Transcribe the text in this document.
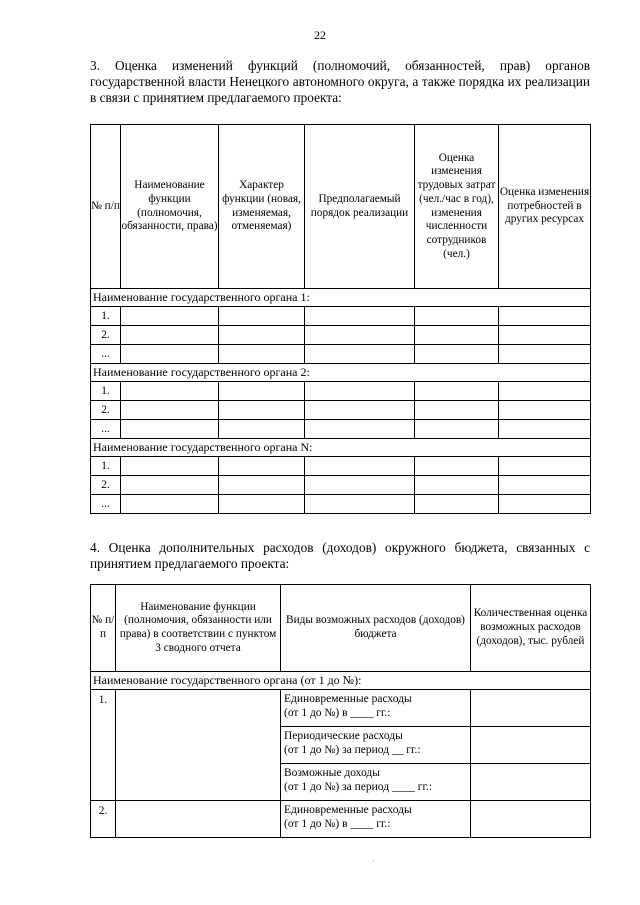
22
3. Оценка изменений функций (полномочий, обязанностей, прав) органов государственной власти Ненецкого автономного округа, а также порядка их реализации в связи с принятием предлагаемого проекта:
№ п/п	Наименование функции (полномочия, обязанности, права)	Характер функции (новая, изменяемая, отменяемая)	Предполагаемый порядок реализации	Оценка изменения трудовых затрат (чел./час в год), изменения численности сотрудников (чел.)	Оценка изменения потребностей в других ресурсах
Наименование государственного органа 1:					
1.					
2.					
...					
Наименование государственного органа 2:					
1.					
2.					
...					
Наименование государственного органа N:					
1.					
2.					
...					
4. Оценка дополнительных расходов (доходов) окружного бюджета, связанных с принятием предлагаемого проекта:
№ п/п	Наименование функции (полномочия, обязанности или права) в соответствии с пунктом 3 сводного отчета	Виды возможных расходов (доходов) бюджета	Количественная оценка возможных расходов (доходов), тыс. рублей
Наименование государственного органа (от 1 до №):			
1.		Единовременные расходы
(от 1 до №) в ____ гг.:	
		Периодические расходы
(от 1 до №) за период __ гг.:	
		Возможные доходы
(от 1 до №) за период ____ гг.:	
2.		Единовременные расходы
(от 1 до №) в ____ гг.:	
·
